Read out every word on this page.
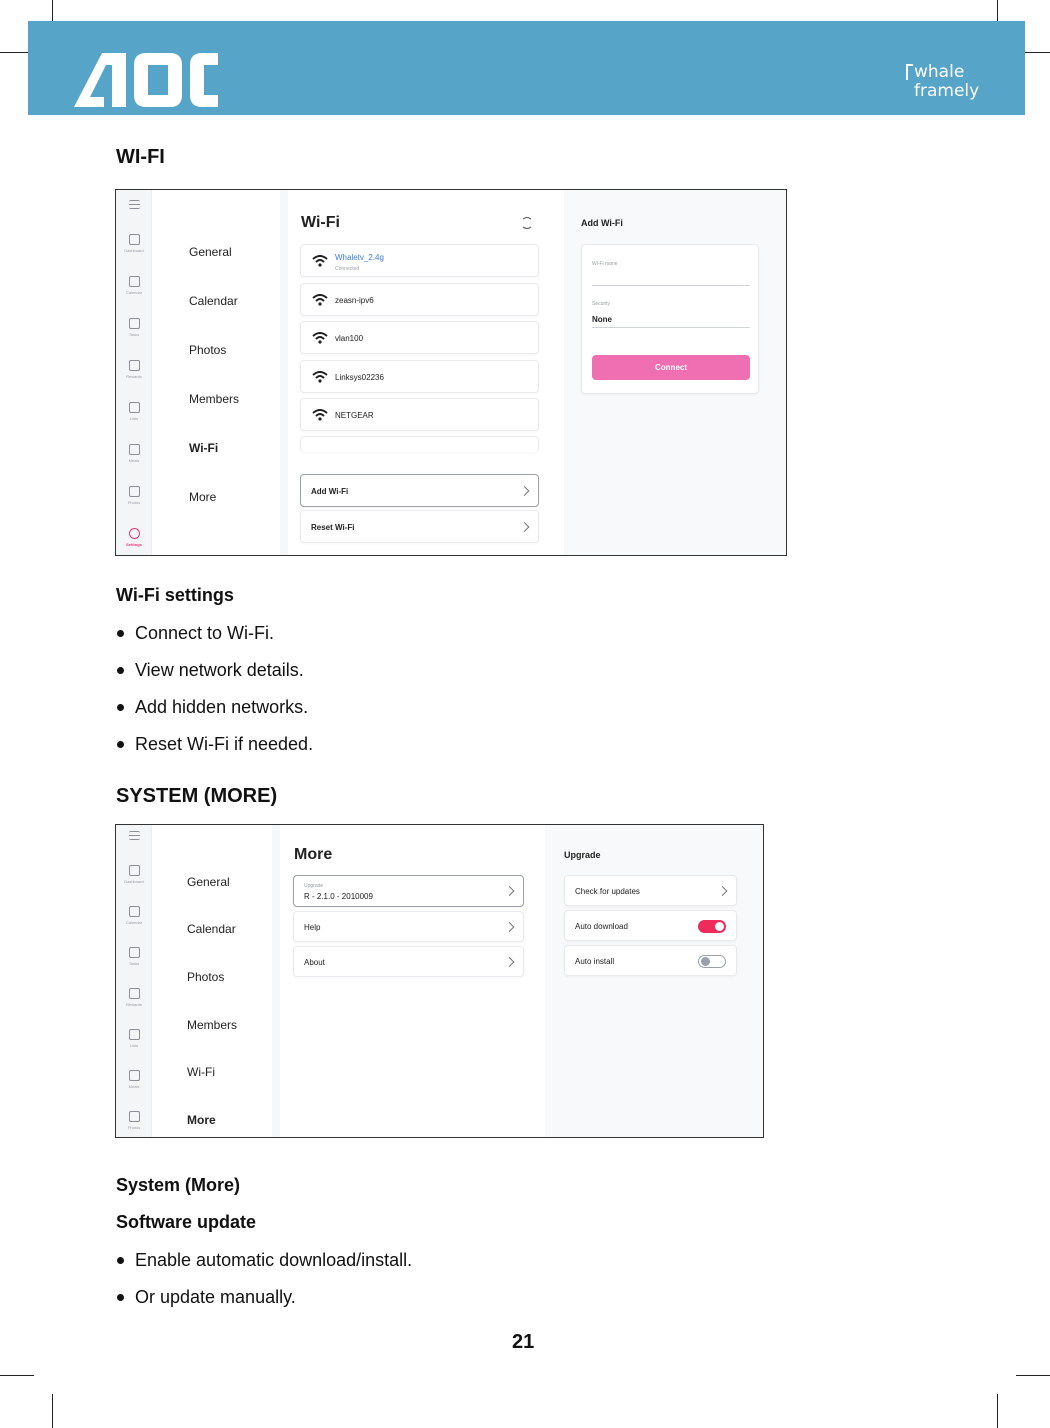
whale
framely
WI-FI
Dashboard
Calendar
Tasks
Rewards
Lists
Meals
Photos
Settings
General
Calendar
Photos
Members
Wi-Fi
More
Wi-Fi
Whaletv_2.4g
Connected
zeasn-ipv6
vlan100
Linksys02236
NETGEAR
Add Wi-Fi
Reset Wi-Fi
Add Wi-Fi
Wi-Fi name
Security
None
Connect
Wi-Fi settings
Connect to Wi-Fi.
View network details.
Add hidden networks.
Reset Wi-Fi if needed.
SYSTEM (MORE)
Dashboard
Calendar
Tasks
Rewards
Lists
Meals
Photos
General
Calendar
Photos
Members
Wi-Fi
More
More
Upgrade
R - 2.1.0 - 2010009
Help
About
Upgrade
Check for updates
Auto download
Auto install
System (More)
Software update
Enable automatic download/install.
Or update manually.
21
